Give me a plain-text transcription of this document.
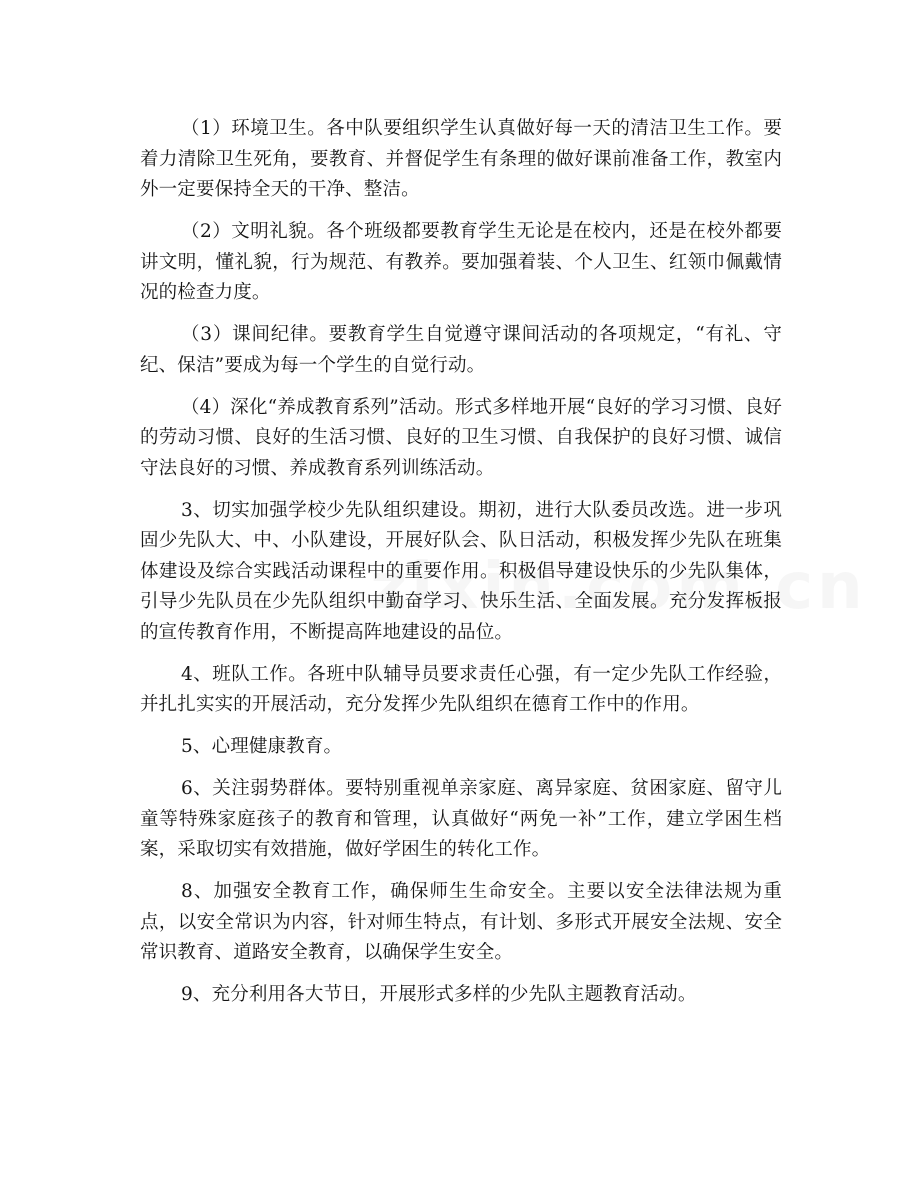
（1）环境卫生。各中队要组织学生认真做好每一天的清洁卫生工作。要着力清除卫生死角，要教育、并督促学生有条理的做好课前准备工作，教室内外一定要保持全天的干净、整洁。

（2）文明礼貌。各个班级都要教育学生无论是在校内，还是在校外都要讲文明，懂礼貌，行为规范、有教养。要加强着装、个人卫生、红领巾佩戴情况的检查力度。

（3）课间纪律。要教育学生自觉遵守课间活动的各项规定，“有礼、守纪、保洁”要成为每一个学生的自觉行动。

（4）深化“养成教育系列”活动。形式多样地开展“良好的学习习惯、良好的劳动习惯、良好的生活习惯、良好的卫生习惯、自我保护的良好习惯、诚信守法良好的习惯、养成教育系列训练活动。

3、切实加强学校少先队组织建设。期初，进行大队委员改选。进一步巩固少先队大、中、小队建设，开展好队会、队日活动，积极发挥少先队在班集体建设及综合实践活动课程中的重要作用。积极倡导建设快乐的少先队集体，引导少先队员在少先队组织中勤奋学习、快乐生活、全面发展。充分发挥板报的宣传教育作用，不断提高阵地建设的品位。

4、班队工作。各班中队辅导员要求责任心强，有一定少先队工作经验，并扎扎实实的开展活动，充分发挥少先队组织在德育工作中的作用。

5、心理健康教育。

6、关注弱势群体。要特别重视单亲家庭、离异家庭、贫困家庭、留守儿童等特殊家庭孩子的教育和管理，认真做好“两免一补”工作，建立学困生档案，采取切实有效措施，做好学困生的转化工作。

8、加强安全教育工作，确保师生生命安全。主要以安全法律法规为重点，以安全常识为内容，针对师生特点，有计划、多形式开展安全法规、安全常识教育、道路安全教育，以确保学生安全。

9、充分利用各大节日，开展形式多样的少先队主题教育活动。
